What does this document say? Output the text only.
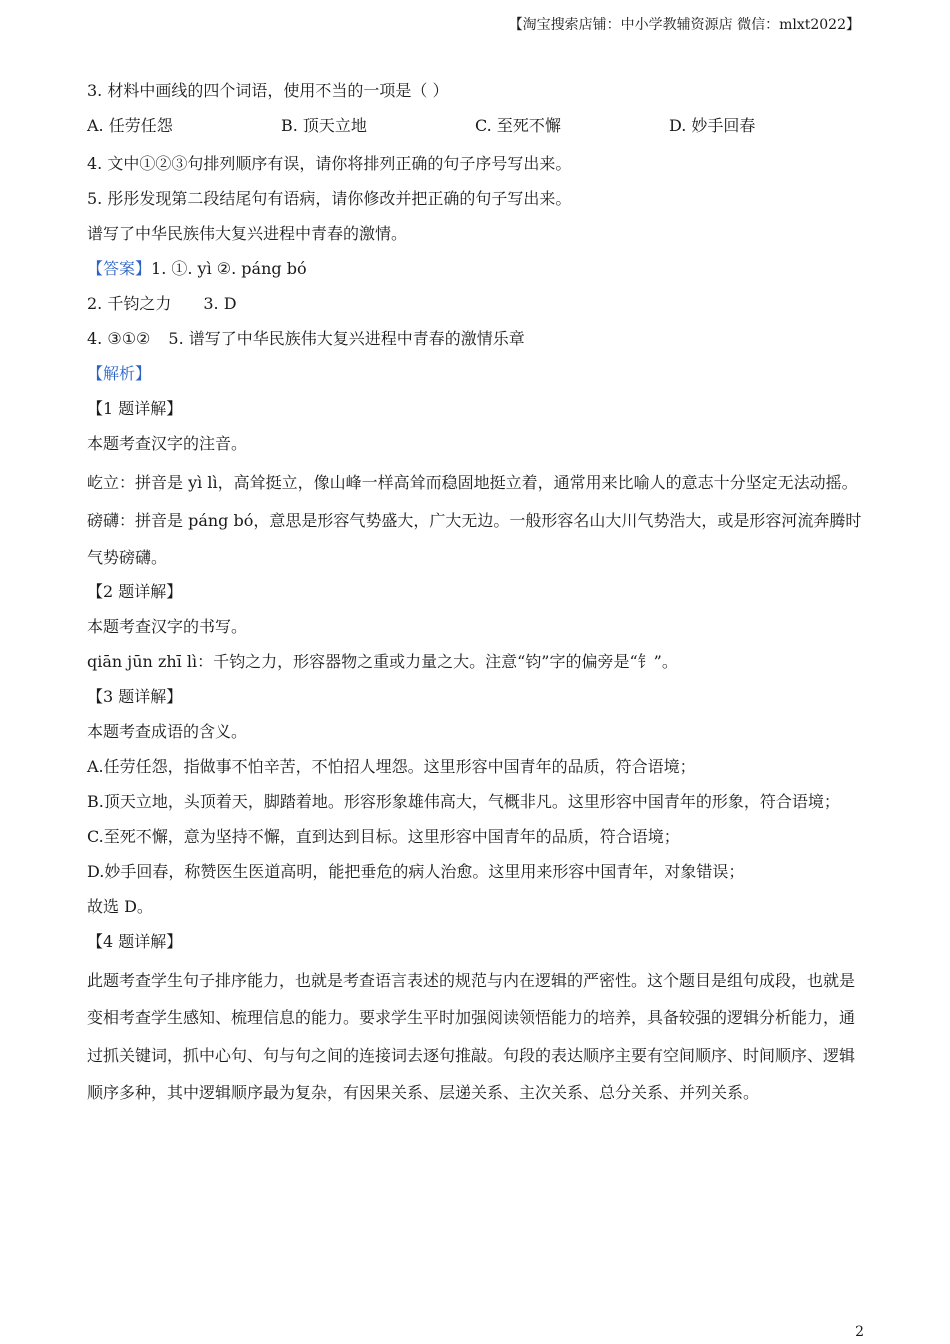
【淘宝搜索店铺：中小学教辅资源店 微信：mlxt2022】
3. 材料中画线的四个词语，使用不当的一项是（ ）
A. 任劳任怨	B. 顶天立地	C. 至死不懈	D. 妙手回春
4. 文中①②③句排列顺序有误，请你将排列正确的句子序号写出来。
5. 彤彤发现第二段结尾句有语病，请你修改并把正确的句子写出来。
谱写了中华民族伟大复兴进程中青春的激情。
【答案】1. ①. yì ②. páng bó
2. 千钧之力 3. D
4. ③①② 5. 谱写了中华民族伟大复兴进程中青春的激情乐章
【解析】
【1 题详解】
本题考查汉字的注音。
屹立：拼音是 yì lì，高耸挺立，像山峰一样高耸而稳固地挺立着，通常用来比喻人的意志十分坚定无法动摇。
磅礴：拼音是 páng bó，意思是形容气势盛大，广大无边。一般形容名山大川气势浩大，或是形容河流奔腾时气势磅礴。
【2 题详解】
本题考查汉字的书写。
qiān jūn zhī lì：千钧之力，形容器物之重或力量之大。注意“钧”字的偏旁是“钅”。
【3 题详解】
本题考查成语的含义。
A.任劳任怨，指做事不怕辛苦，不怕招人埋怨。这里形容中国青年的品质，符合语境；
B.顶天立地，头顶着天，脚踏着地。形容形象雄伟高大，气概非凡。这里形容中国青年的形象，符合语境；
C.至死不懈，意为坚持不懈，直到达到目标。这里形容中国青年的品质，符合语境；
D.妙手回春，称赞医生医道高明，能把垂危的病人治愈。这里用来形容中国青年，对象错误；
故选 D。
【4 题详解】
此题考查学生句子排序能力，也就是考查语言表述的规范与内在逻辑的严密性。这个题目是组句成段，也就是变相考查学生感知、梳理信息的能力。要求学生平时加强阅读领悟能力的培养，具备较强的逻辑分析能力，通过抓关键词，抓中心句、句与句之间的连接词去逐句推敲。句段的表达顺序主要有空间顺序、时间顺序、逻辑顺序多种，其中逻辑顺序最为复杂，有因果关系、层递关系、主次关系、总分关系、并列关系。
2
